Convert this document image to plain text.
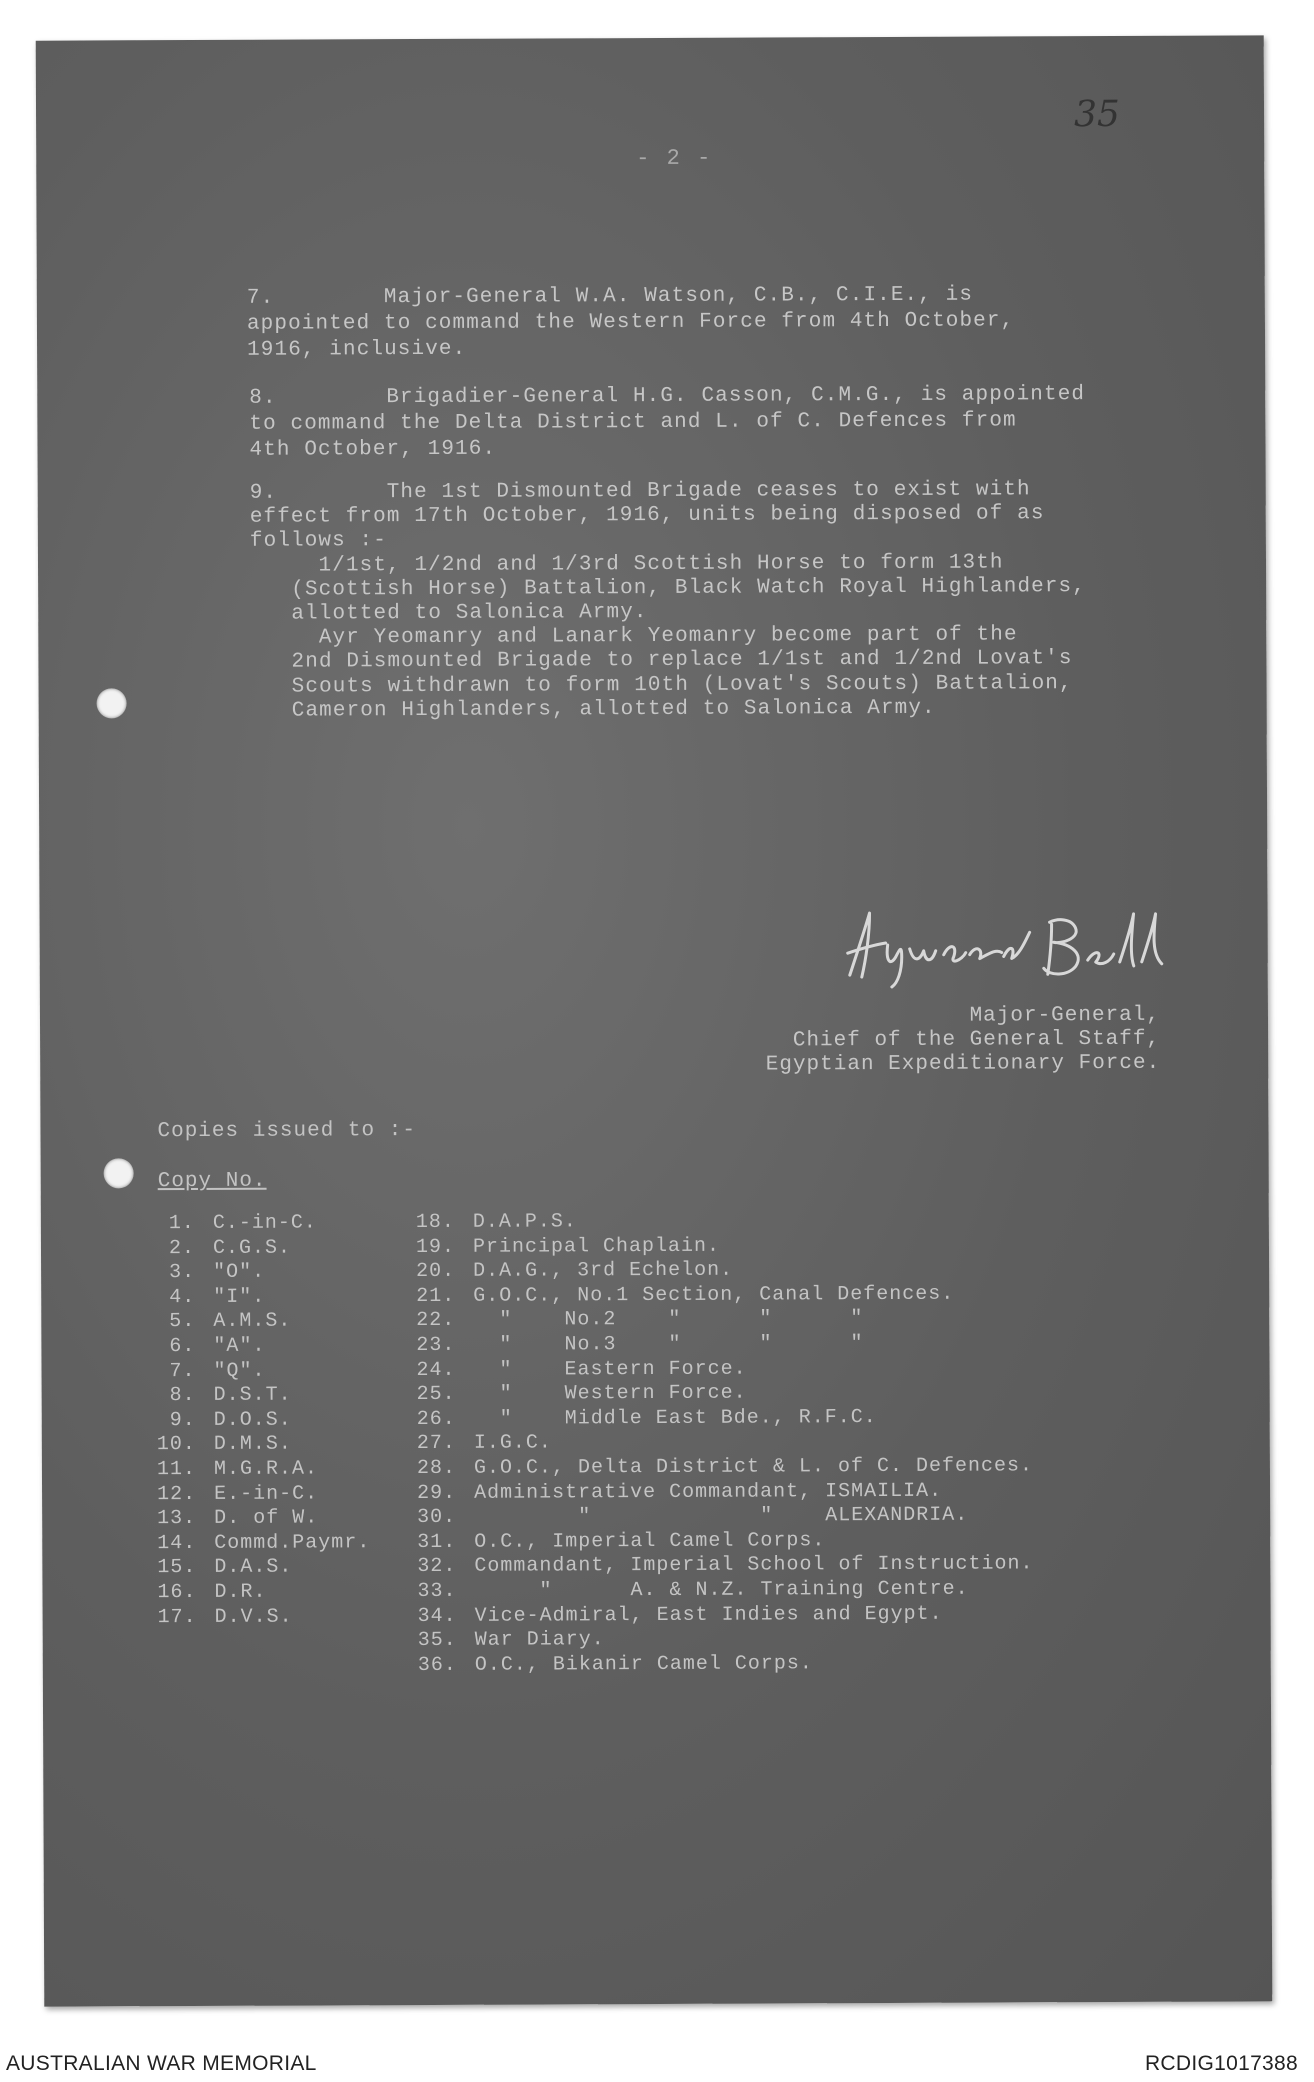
35
- 2 -
7.        Major-General W.A. Watson, C.B., C.I.E., is
appointed to command the Western Force from 4th October,
1916, inclusive.
8.        Brigadier-General H.G. Casson, C.M.G., is appointed
to command the Delta District and L. of C. Defences from
4th October, 1916.
9.        The 1st Dismounted Brigade ceases to exist with
effect from 17th October, 1916, units being disposed of as
follows :-
1/1st, 1/2nd and 1/3rd Scottish Horse to form 13th
(Scottish Horse) Battalion, Black Watch Royal Highlanders,
allotted to Salonica Army.
Ayr Yeomanry and Lanark Yeomanry become part of the
2nd Dismounted Brigade to replace 1/1st and 1/2nd Lovat's
Scouts withdrawn to form 10th (Lovat's Scouts) Battalion,
Cameron Highlanders, allotted to Salonica Army.
Major-General,
Chief of the General Staff,
Egyptian Expeditionary Force.
Copies issued to :-
Copy No.
1. C.-in-C.
2. C.G.S.
3. "O".
4. "I".
5. A.M.S.
6. "A".
7. "Q".
8. D.S.T.
9. D.O.S.
10. D.M.S.
11. M.G.R.A.
12. E.-in-C.
13. D. of W.
14. Commd.Paymr.
15. D.A.S.
16. D.R.
17. D.V.S.
18. D.A.P.S.
19. Principal Chaplain.
20. D.A.G., 3rd Echelon.
21. G.O.C., No.1 Section, Canal Defences.
22.  "    No.2    "      "      "
23.  "    No.3    "      "      "
24.  "    Eastern Force.
25.  "    Western Force.
26.  "    Middle East Bde., R.F.C.
27. I.G.C.
28. G.O.C., Delta District & L. of C. Defences.
29. Administrative Commandant, ISMAILIA.
30.        "             "    ALEXANDRIA.
31. O.C., Imperial Camel Corps.
32. Commandant, Imperial School of Instruction.
33.     "      A. & N.Z. Training Centre.
34. Vice-Admiral, East Indies and Egypt.
35. War Diary.
36. O.C., Bikanir Camel Corps.
AUSTRALIAN WAR MEMORIAL	RCDIG1017388
